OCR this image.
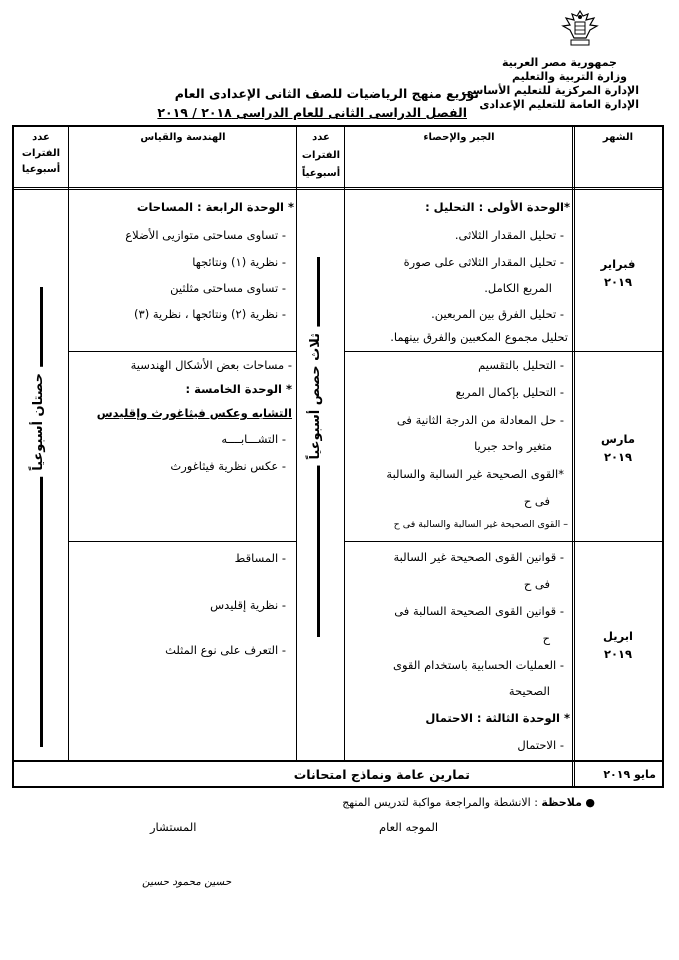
جمهورية مصر العربية
وزارة التربية والتعليم
الإدارة المركزية للتعليم الأساسى
الإدارة العامة للتعليم الإعدادى
توزيع منهج الرياضيات للصف الثانى الإعدادى العام
الفصل الدراسى الثانى للعام الدراسى ٢٠١٨ / ٢٠١٩
الشهر
الجبر والإحصاء
عدد
الفترات
أسبوعياً
الهندسة والقياس
عدد
الفترات
أسبوعيا
ثلاث حصص أسبوعياً
حصتان أسبوعياً
فبراير
٢٠١٩
*الوحدة الأولى : التحليل :
- تحليل المقدار الثلاثى.
- تحليل المقدار الثلاثى على صورة
المربع الكامل.
- تحليل الفرق بين المربعين.
تحليل مجموع المكعبين والفرق بينهما.
* الوحدة الرابعة : المساحات
- تساوى مساحتى متوازيى الأضلاع
- نظرية (١) ونتائجها
- تساوى مساحتى مثلثين
- نظرية (٢) ونتائجها ، نظرية (٣)
مارس
٢٠١٩
- التحليل بالتقسيم
- التحليل بإكمال المربع
- حل المعادلة من الدرجة الثانية فى
متغير واحد جبريا
*القوى الصحيحة غير السالبة والسالبة
فى ح
– القوى الصحيحة غير السالبة والسالبة فى ح
- مساحات بعض الأشكال الهندسية
* الوحدة الخامسة :
التشابه وعكس فيثاغورث وإقليدس
- التشـــابــــه
- عكس نظرية فيثاغورث
ابريل
٢٠١٩
- قوانين القوى الصحيحة غير السالبة
فى ح
- قوانين القوى الصحيحة السالبة فى
ح
- العمليات الحسابية باستخدام القوى
الصحيحة
* الوحدة الثالثة : الاحتمال
- الاحتمال
- المساقط
- نظرية إقليدس
- التعرف على نوع المثلث
مايو ٢٠١٩
تمارين عامة ونماذج امتحانات
● ملاحظة : الانشطة والمراجعة مواكبة لتدريس المنهج
الموجه العام
المستشار
حسين محمود حسين
